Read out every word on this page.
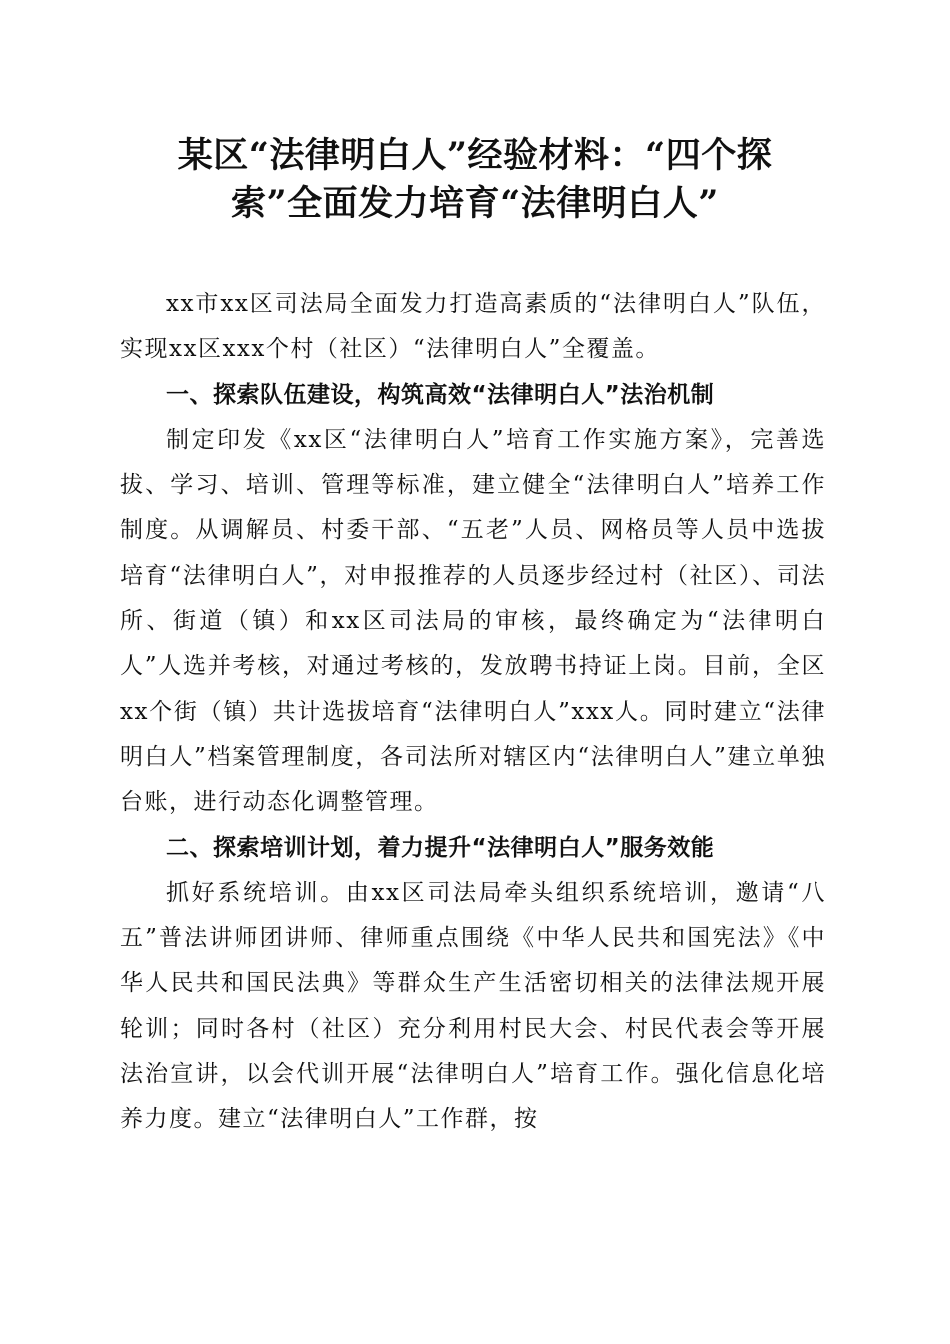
某区“法律明白人”经验材料：“四个探
索”全面发力培育“法律明白人”

xx市xx区司法局全面发力打造高素质的“法律明白人”队伍，实现xx区xxx个村（社区）“法律明白人”全覆盖。

一、探索队伍建设，构筑高效“法律明白人”法治机制

制定印发《xx区“法律明白人”培育工作实施方案》，完善选拔、学习、培训、管理等标准，建立健全“法律明白人”培养工作制度。从调解员、村委干部、“五老”人员、网格员等人员中选拔培育“法律明白人”，对申报推荐的人员逐步经过村（社区）、司法所、街道（镇）和xx区司法局的审核，最终确定为“法律明白人”人选并考核，对通过考核的，发放聘书持证上岗。目前，全区xx个街（镇）共计选拔培育“法律明白人”xxx人。同时建立“法律明白人”档案管理制度，各司法所对辖区内“法律明白人”建立单独台账，进行动态化调整管理。

二、探索培训计划，着力提升“法律明白人”服务效能

抓好系统培训。由xx区司法局牵头组织系统培训，邀请“八五”普法讲师团讲师、律师重点围绕《中华人民共和国宪法》《中华人民共和国民法典》等群众生产生活密切相关的法律法规开展轮训；同时各村（社区）充分利用村民大会、村民代表会等开展法治宣讲，以会代训开展“法律明白人”培育工作。强化信息化培养力度。建立“法律明白人”工作群，按
